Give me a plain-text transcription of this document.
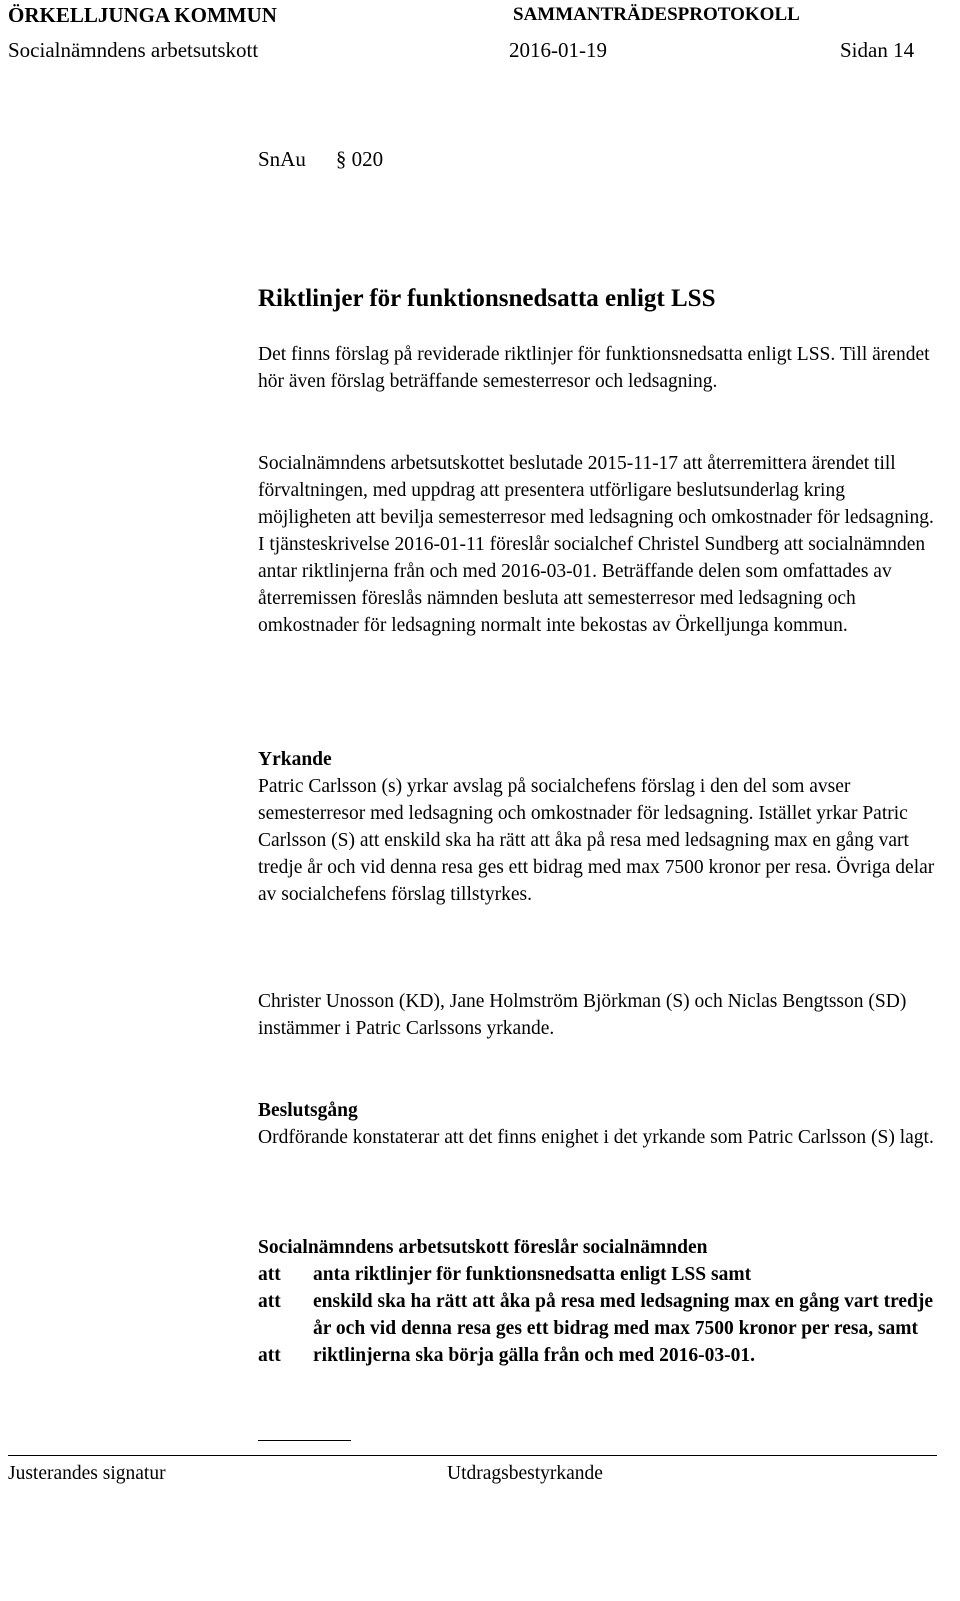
ÖRKELLJUNGA KOMMUN	SAMMANTRÄDESPROTOKOLL
Socialnämndens arbetsutskott	2016-01-19	Sidan 14
SnAu § 020
Riktlinjer för funktionsnedsatta enligt LSS
Det finns förslag på reviderade riktlinjer för funktionsnedsatta enligt LSS. Till ärendet hör även förslag beträffande semesterresor och ledsagning.
Socialnämndens arbetsutskottet beslutade 2015-11-17 att återremittera ärendet till förvaltningen, med uppdrag att presentera utförligare beslutsunderlag kring möjligheten att bevilja semesterresor med ledsagning och omkostnader för ledsagning. I tjänsteskrivelse 2016-01-11 föreslår socialchef Christel Sundberg att socialnämnden antar riktlinjerna från och med 2016-03-01. Beträffande delen som omfattades av återremissen föreslås nämnden besluta att semesterresor med ledsagning och omkostnader för ledsagning normalt inte bekostas av Örkelljunga kommun.
Yrkande
Patric Carlsson (s) yrkar avslag på socialchefens förslag i den del som avser semesterresor med ledsagning och omkostnader för ledsagning. Istället yrkar Patric Carlsson (S) att enskild ska ha rätt att åka på resa med ledsagning max en gång vart tredje år och vid denna resa ges ett bidrag med max 7500 kronor per resa. Övriga delar av socialchefens förslag tillstyrkes.
Christer Unosson (KD), Jane Holmström Björkman (S) och Niclas Bengtsson (SD) instämmer i Patric Carlssons yrkande.
Beslutsgång
Ordförande konstaterar att det finns enighet i det yrkande som Patric Carlsson (S) lagt.
Socialnämndens arbetsutskott föreslår socialnämnden
att	anta riktlinjer för funktionsnedsatta enligt LSS samt
att	enskild ska ha rätt att åka på resa med ledsagning max en gång vart tredje år och vid denna resa ges ett bidrag med max 7500 kronor per resa, samt
att	riktlinjerna ska börja gälla från och med 2016-03-01.
Justerandes signatur	Utdragsbestyrkande
